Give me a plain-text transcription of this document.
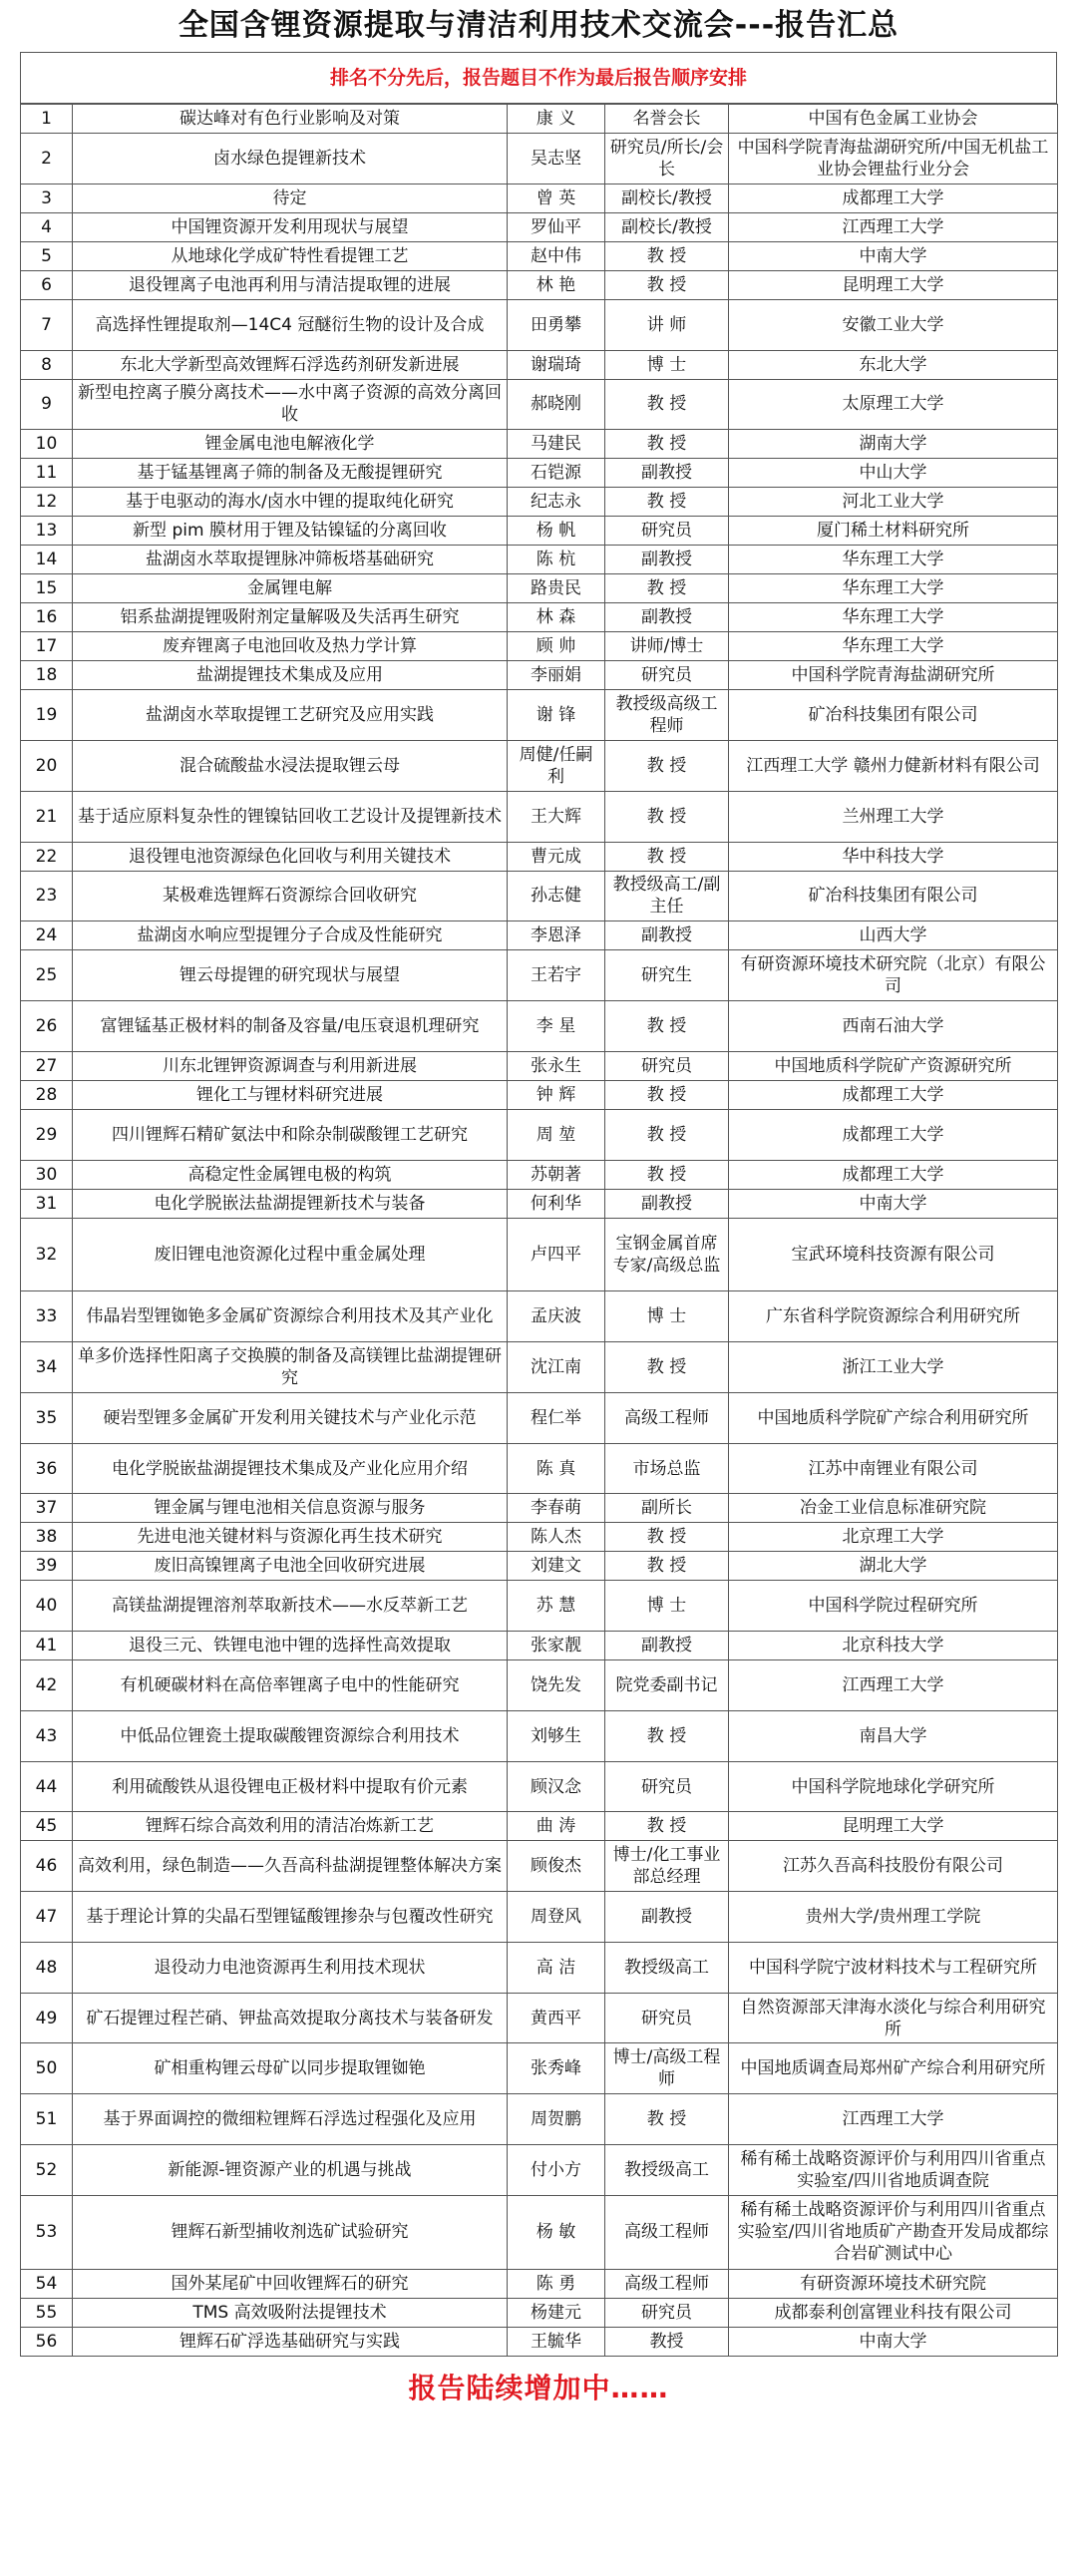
全国含锂资源提取与清洁利用技术交流会---报告汇总
排名不分先后，报告题目不作为最后报告顺序安排
1	碳达峰对有色行业影响及对策	康 义	名誉会长	中国有色金属工业协会
2	卤水绿色提锂新技术	吴志坚	研究员/所长/会长	中国科学院青海盐湖研究所/中国无机盐工业协会锂盐行业分会
3	待定	曾 英	副校长/教授	成都理工大学
4	中国锂资源开发利用现状与展望	罗仙平	副校长/教授	江西理工大学
5	从地球化学成矿特性看提锂工艺	赵中伟	教 授	中南大学
6	退役锂离子电池再利用与清洁提取锂的进展	林 艳	教 授	昆明理工大学
7	高选择性锂提取剂—14C4 冠醚衍生物的设计及合成	田勇攀	讲 师	安徽工业大学
8	东北大学新型高效锂辉石浮选药剂研发新进展	谢瑞琦	博 士	东北大学
9	新型电控离子膜分离技术——水中离子资源的高效分离回收	郝晓刚	教 授	太原理工大学
10	锂金属电池电解液化学	马建民	教 授	湖南大学
11	基于锰基锂离子筛的制备及无酸提锂研究	石铠源	副教授	中山大学
12	基于电驱动的海水/卤水中锂的提取纯化研究	纪志永	教 授	河北工业大学
13	新型 pim 膜材用于锂及钴镍锰的分离回收	杨 帆	研究员	厦门稀土材料研究所
14	盐湖卤水萃取提锂脉冲筛板塔基础研究	陈 杭	副教授	华东理工大学
15	金属锂电解	路贵民	教 授	华东理工大学
16	铝系盐湖提锂吸附剂定量解吸及失活再生研究	林 森	副教授	华东理工大学
17	废弃锂离子电池回收及热力学计算	顾 帅	讲师/博士	华东理工大学
18	盐湖提锂技术集成及应用	李丽娟	研究员	中国科学院青海盐湖研究所
19	盐湖卤水萃取提锂工艺研究及应用实践	谢 锋	教授级高级工程师	矿冶科技集团有限公司
20	混合硫酸盐水浸法提取锂云母	周健/任嗣利	教 授	江西理工大学 赣州力健新材料有限公司
21	基于适应原料复杂性的锂镍钴回收工艺设计及提锂新技术	王大辉	教 授	兰州理工大学
22	退役锂电池资源绿色化回收与利用关键技术	曹元成	教 授	华中科技大学
23	某极难选锂辉石资源综合回收研究	孙志健	教授级高工/副主任	矿冶科技集团有限公司
24	盐湖卤水响应型提锂分子合成及性能研究	李恩泽	副教授	山西大学
25	锂云母提锂的研究现状与展望	王若宇	研究生	有研资源环境技术研究院（北京）有限公司
26	富锂锰基正极材料的制备及容量/电压衰退机理研究	李 星	教 授	西南石油大学
27	川东北锂钾资源调查与利用新进展	张永生	研究员	中国地质科学院矿产资源研究所
28	锂化工与锂材料研究进展	钟 辉	教 授	成都理工大学
29	四川锂辉石精矿氨法中和除杂制碳酸锂工艺研究	周 堃	教 授	成都理工大学
30	高稳定性金属锂电极的构筑	苏朝著	教 授	成都理工大学
31	电化学脱嵌法盐湖提锂新技术与装备	何利华	副教授	中南大学
32	废旧锂电池资源化过程中重金属处理	卢四平	宝钢金属首席专家/高级总监	宝武环境科技资源有限公司
33	伟晶岩型锂铷铯多金属矿资源综合利用技术及其产业化	孟庆波	博 士	广东省科学院资源综合利用研究所
34	单多价选择性阳离子交换膜的制备及高镁锂比盐湖提锂研究	沈江南	教 授	浙江工业大学
35	硬岩型锂多金属矿开发利用关键技术与产业化示范	程仁举	高级工程师	中国地质科学院矿产综合利用研究所
36	电化学脱嵌盐湖提锂技术集成及产业化应用介绍	陈 真	市场总监	江苏中南锂业有限公司
37	锂金属与锂电池相关信息资源与服务	李春萌	副所长	冶金工业信息标准研究院
38	先进电池关键材料与资源化再生技术研究	陈人杰	教 授	北京理工大学
39	废旧高镍锂离子电池全回收研究进展	刘建文	教 授	湖北大学
40	高镁盐湖提锂溶剂萃取新技术——水反萃新工艺	苏 慧	博 士	中国科学院过程研究所
41	退役三元、铁锂电池中锂的选择性高效提取	张家靓	副教授	北京科技大学
42	有机硬碳材料在高倍率锂离子电中的性能研究	饶先发	院党委副书记	江西理工大学
43	中低品位锂瓷土提取碳酸锂资源综合利用技术	刘够生	教 授	南昌大学
44	利用硫酸铁从退役锂电正极材料中提取有价元素	顾汉念	研究员	中国科学院地球化学研究所
45	锂辉石综合高效利用的清洁冶炼新工艺	曲 涛	教 授	昆明理工大学
46	高效利用，绿色制造——久吾高科盐湖提锂整体解决方案	顾俊杰	博士/化工事业部总经理	江苏久吾高科技股份有限公司
47	基于理论计算的尖晶石型锂锰酸锂掺杂与包覆改性研究	周登风	副教授	贵州大学/贵州理工学院
48	退役动力电池资源再生利用技术现状	高 洁	教授级高工	中国科学院宁波材料技术与工程研究所
49	矿石提锂过程芒硝、钾盐高效提取分离技术与装备研发	黄西平	研究员	自然资源部天津海水淡化与综合利用研究所
50	矿相重构锂云母矿以同步提取锂铷铯	张秀峰	博士/高级工程师	中国地质调查局郑州矿产综合利用研究所
51	基于界面调控的微细粒锂辉石浮选过程强化及应用	周贺鹏	教 授	江西理工大学
52	新能源-锂资源产业的机遇与挑战	付小方	教授级高工	稀有稀土战略资源评价与利用四川省重点实验室/四川省地质调查院
53	锂辉石新型捕收剂选矿试验研究	杨 敏	高级工程师	稀有稀土战略资源评价与利用四川省重点实验室/四川省地质矿产勘查开发局成都综合岩矿测试中心
54	国外某尾矿中回收锂辉石的研究	陈 勇	高级工程师	有研资源环境技术研究院
55	TMS 高效吸附法提锂技术	杨建元	研究员	成都泰利创富锂业科技有限公司
56	锂辉石矿浮选基础研究与实践	王毓华	教授	中南大学
报告陆续增加中……
